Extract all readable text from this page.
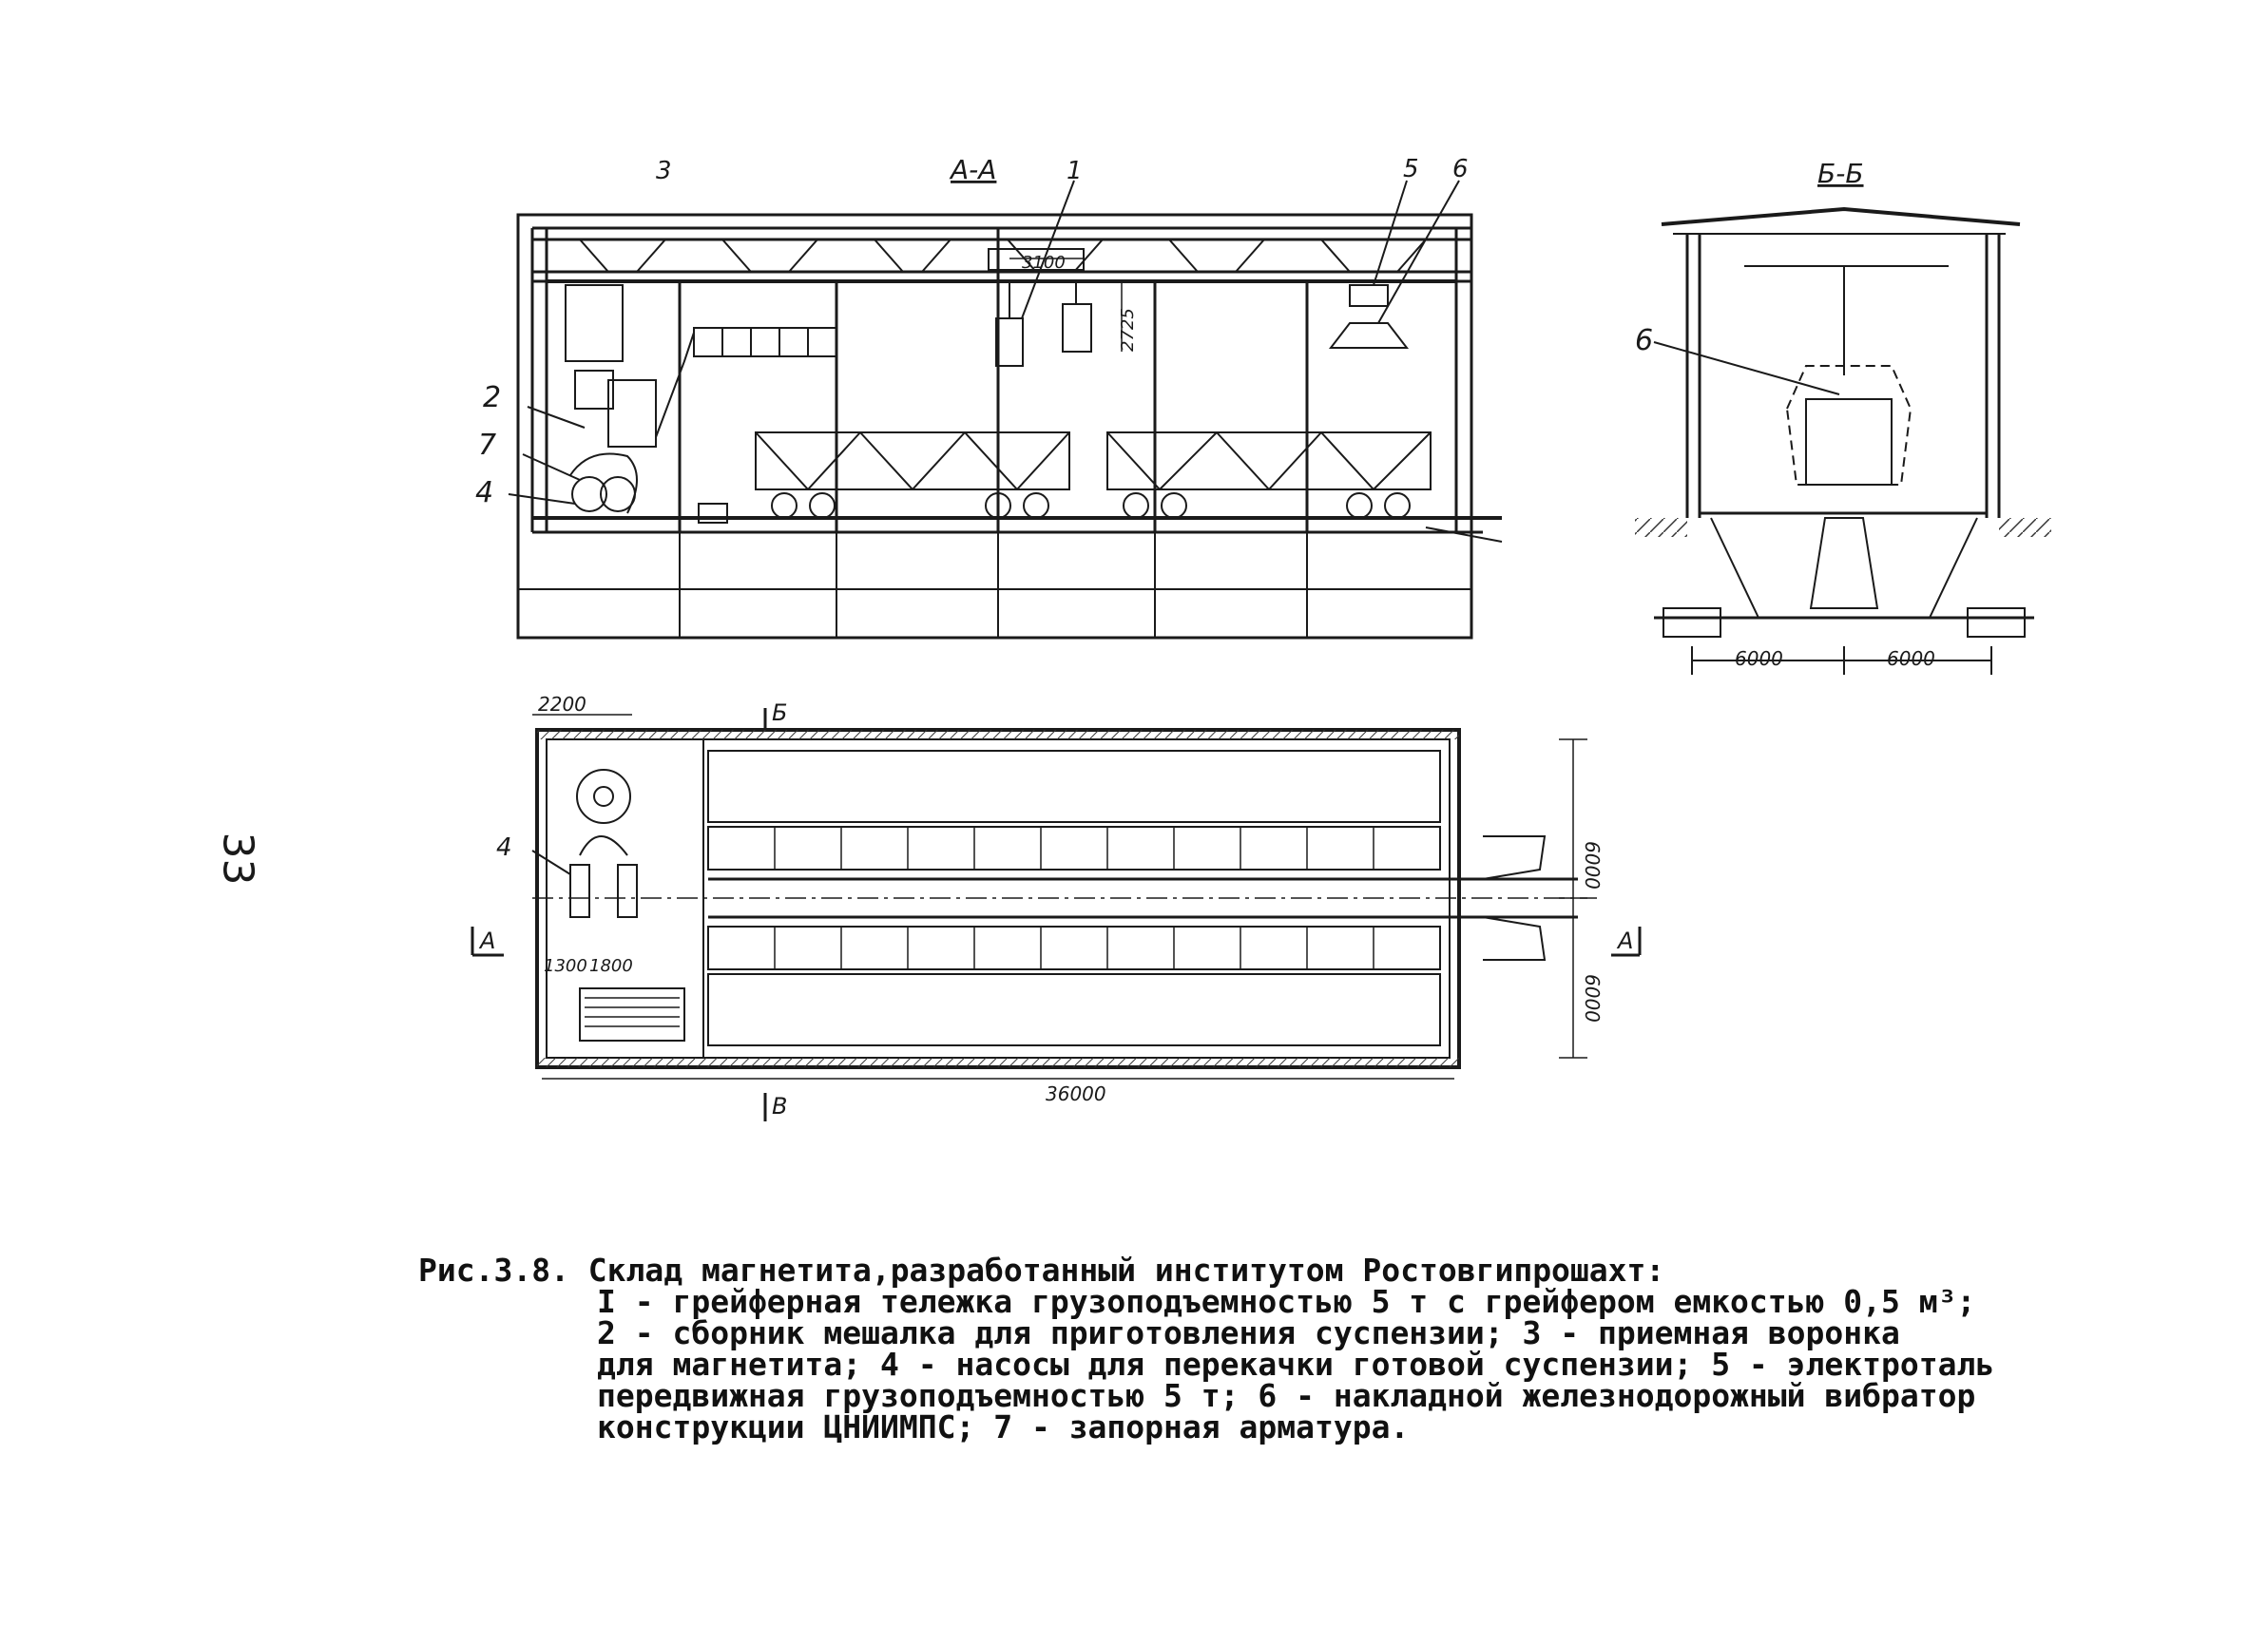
3	А-А	1	5 6
2
7
4
3100
2725
Б-Б
6
6000	6000
2200	Б
В
А	А
4
1300 1800
36000
6000
6000
33
Рис.3.8. Склад магнетита,разработанный институтом Ростовгипрошахт:
I - грейферная тележка грузоподъемностью 5 т с грейфером емкостью 0,5 м³;
2 - сборник мешалка для приготовления суспензии; 3 - приемная воронка
для магнетита; 4 - насосы для перекачки готовой суспензии; 5 - электроталь
передвижная грузоподъемностью 5 т; 6 - накладной железнодорожный вибратор
конструкции ЦНИИМПС; 7 - запорная арматура.
